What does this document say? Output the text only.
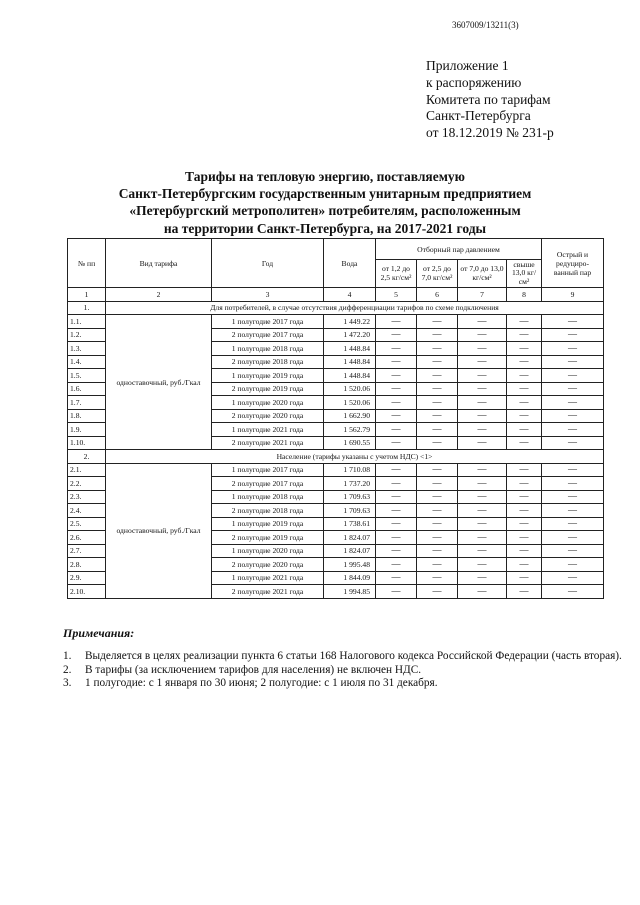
3607009/13211(3)
Приложение 1
к распоряжению
Комитета по тарифам
Санкт-Петербурга
от 18.12.2019 № 231-р
Тарифы на тепловую энергию, поставляемую
Санкт-Петербургским государственным унитарным предприятием
«Петербургский метрополитен» потребителям, расположенным
на территории Санкт-Петербурга, на 2017-2021 годы
№ пп	Вид тарифа	Год	Вода	Отборный пар давлением				Острый и редуциро-ванный пар
				от 1,2 до 2,5 кг/см²	от 2,5 до 7,0 кг/см²	от 7,0 до 13,0 кг/см²	свыше 13,0 кг/см²	
1	2	3	4	5	6	7	8	9
1.	Для потребителей, в случае отсутствия дифференциации тарифов по схеме подключения							
1.1.	одноставочный, руб./Гкал	1 полугодие 2017 года	1 449.22	—	—	—	—	—
1.2.		2 полугодие 2017 года	1 472.20	—	—	—	—	—
1.3.		1 полугодие 2018 года	1 448.84	—	—	—	—	—
1.4.		2 полугодие 2018 года	1 448.84	—	—	—	—	—
1.5.		1 полугодие 2019 года	1 448.84	—	—	—	—	—
1.6.		2 полугодие 2019 года	1 520.06	—	—	—	—	—
1.7.		1 полугодие 2020 года	1 520.06	—	—	—	—	—
1.8.		2 полугодие 2020 года	1 662.90	—	—	—	—	—
1.9.		1 полугодие 2021 года	1 562.79	—	—	—	—	—
1.10.		2 полугодие 2021 года	1 690.55	—	—	—	—	—
2.	Население (тарифы указаны с учетом НДС) <1>							
2.1.	одноставочный, руб./Гкал	1 полугодие 2017 года	1 710.08	—	—	—	—	—
2.2.		2 полугодие 2017 года	1 737.20	—	—	—	—	—
2.3.		1 полугодие 2018 года	1 709.63	—	—	—	—	—
2.4.		2 полугодие 2018 года	1 709.63	—	—	—	—	—
2.5.		1 полугодие 2019 года	1 738.61	—	—	—	—	—
2.6.		2 полугодие 2019 года	1 824.07	—	—	—	—	—
2.7.		1 полугодие 2020 года	1 824.07	—	—	—	—	—
2.8.		2 полугодие 2020 года	1 995.48	—	—	—	—	—
2.9.		1 полугодие 2021 года	1 844.09	—	—	—	—	—
2.10.		2 полугодие 2021 года	1 994.85	—	—	—	—	—
Примечания:
1.	Выделяется в целях реализации пункта 6 статьи 168 Налогового кодекса Российской Федерации (часть вторая).
2.	В тарифы (за исключением тарифов для населения) не включен НДС.
3.	1 полугодие: с 1 января по 30 июня; 2 полугодие: с 1 июля по 31 декабря.
